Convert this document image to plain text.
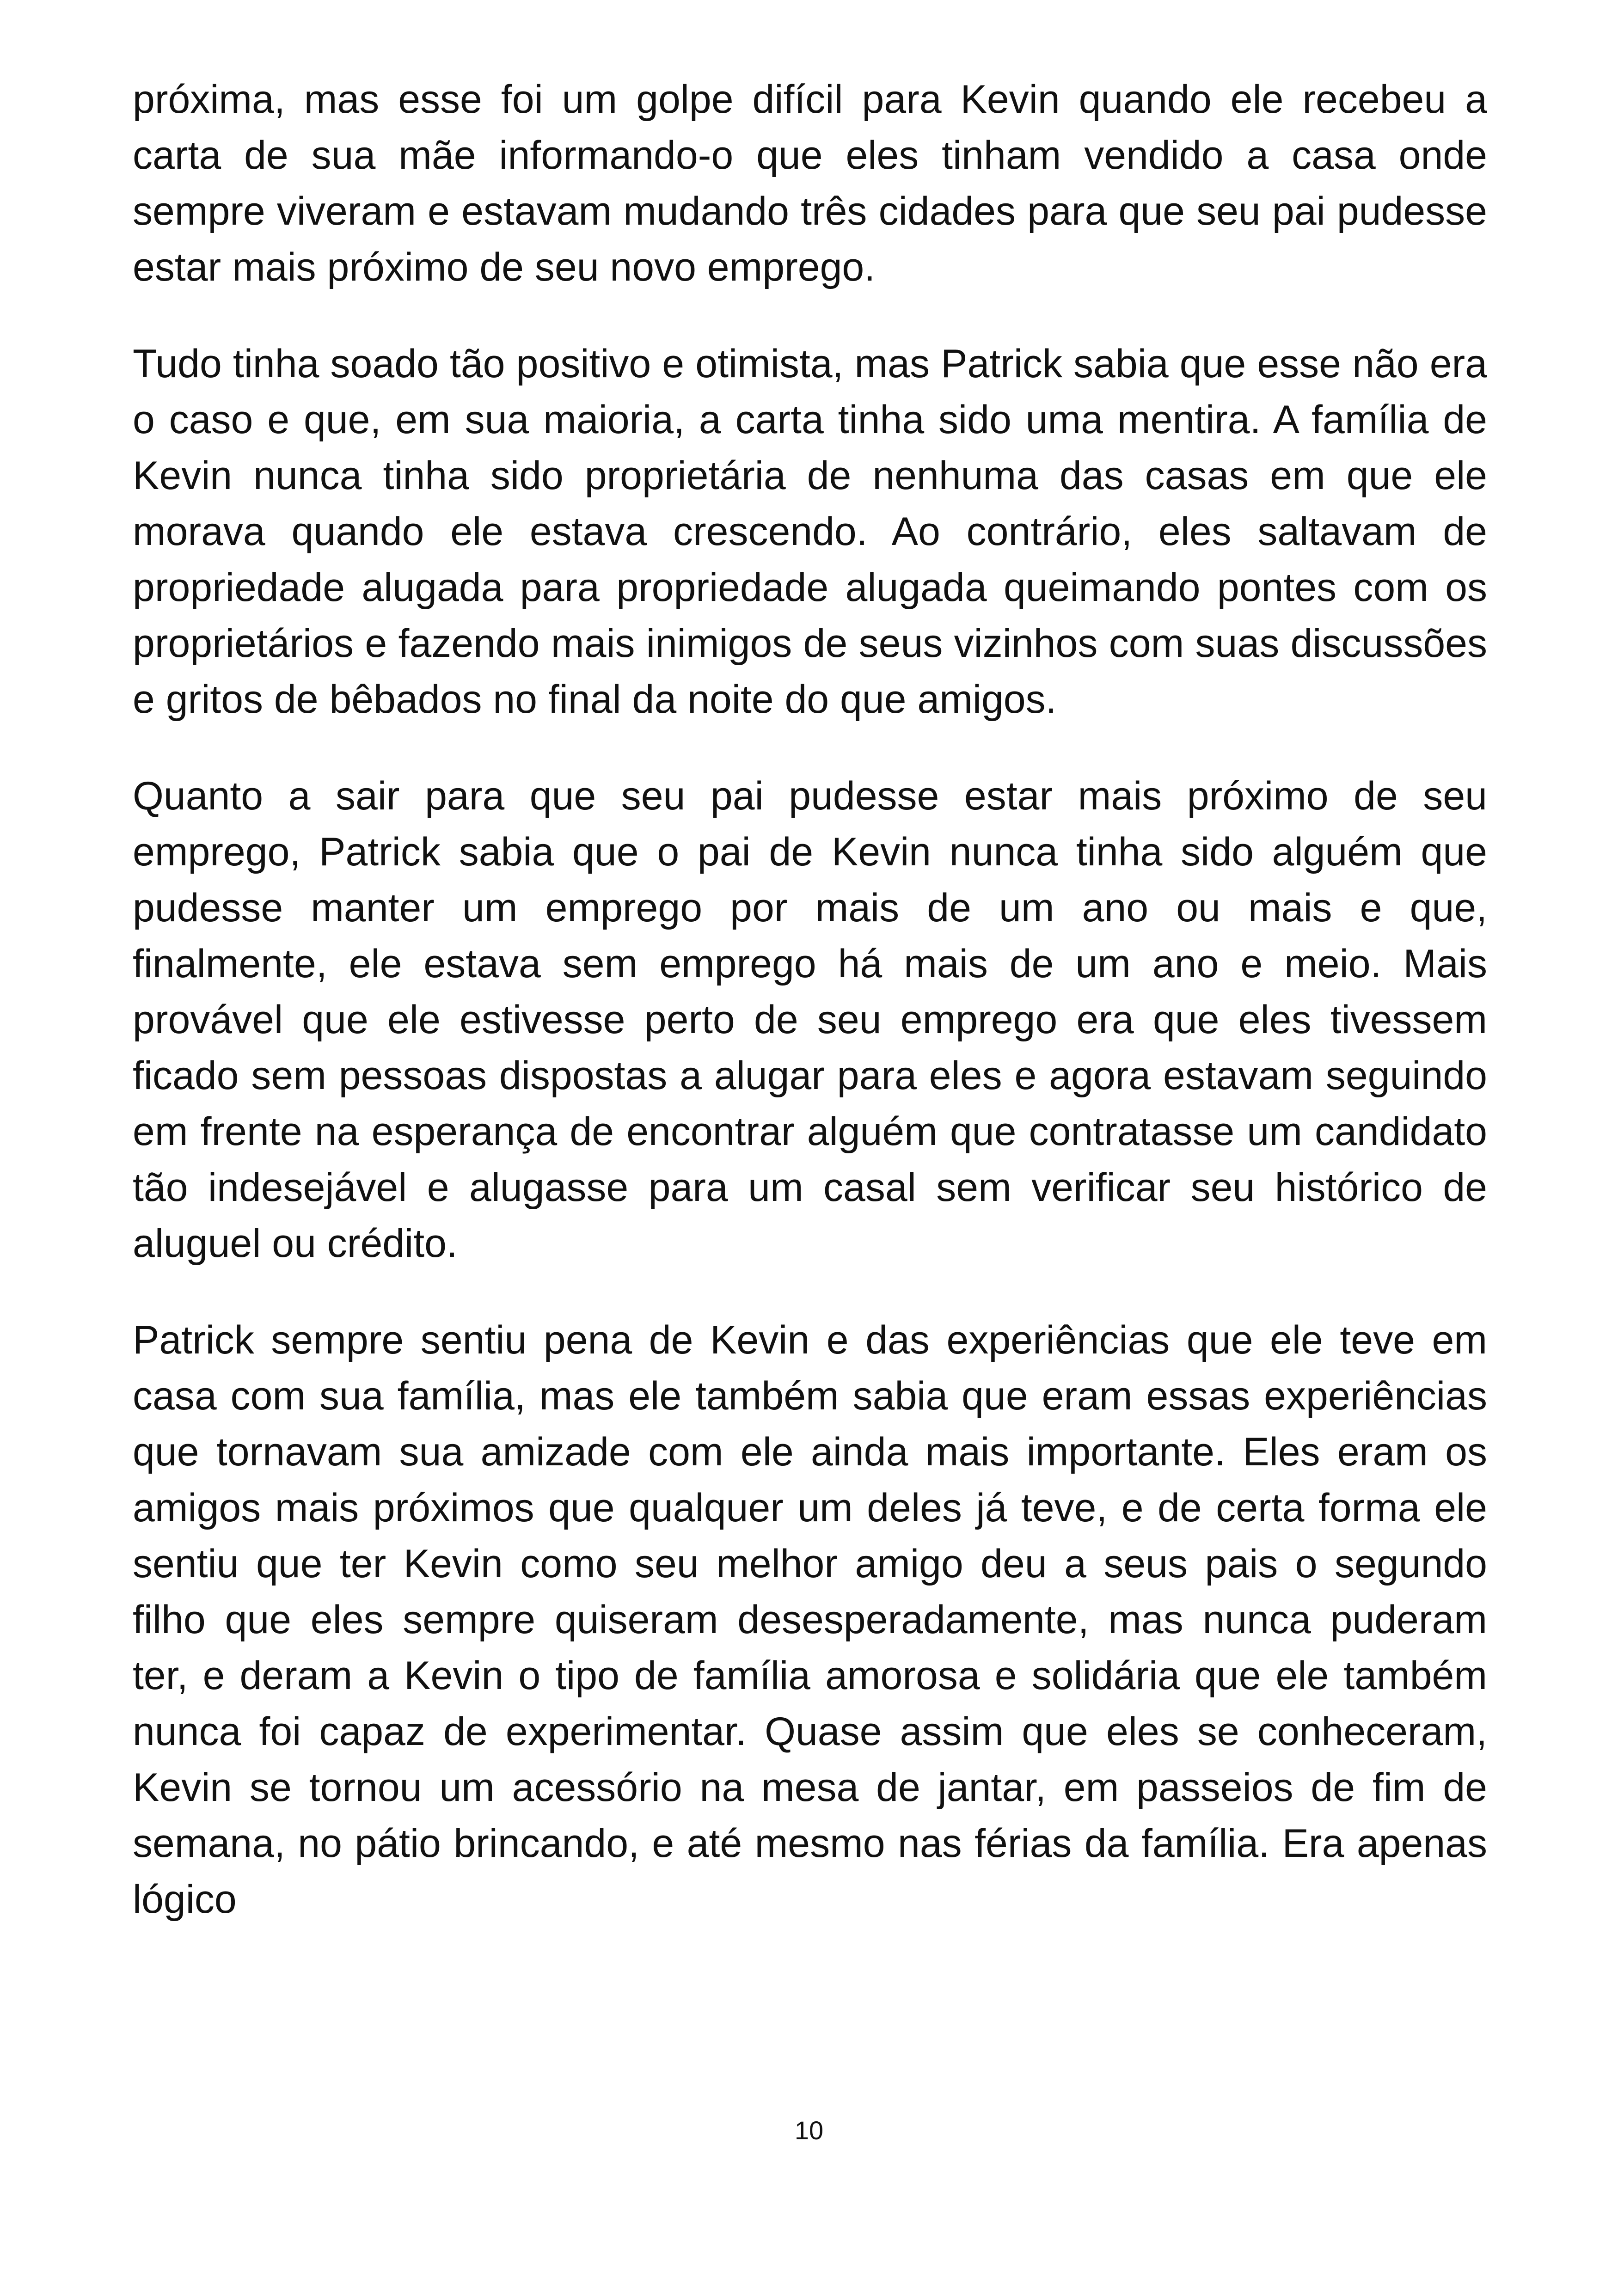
próxima, mas esse foi um golpe difícil para Kevin quando ele recebeu a carta de sua mãe informando-o que eles tinham vendido a casa onde sempre viveram e estavam mudando três cidades para que seu pai pudesse estar mais próximo de seu novo emprego.

Tudo tinha soado tão positivo e otimista, mas Patrick sabia que esse não era o caso e que, em sua maioria, a carta tinha sido uma mentira. A família de Kevin nunca tinha sido proprietária de nenhuma das casas em que ele morava quando ele estava crescendo. Ao contrário, eles saltavam de propriedade alugada para propriedade alugada queimando pontes com os proprietários e fazendo mais inimigos de seus vizinhos com suas discussões e gritos de bêbados no final da noite do que amigos.

Quanto a sair para que seu pai pudesse estar mais próximo de seu emprego, Patrick sabia que o pai de Kevin nunca tinha sido alguém que pudesse manter um emprego por mais de um ano ou mais e que, finalmente, ele estava sem emprego há mais de um ano e meio. Mais provável que ele estivesse perto de seu emprego era que eles tivessem ficado sem pessoas dispostas a alugar para eles e agora estavam seguindo em frente na esperança de encontrar alguém que contratasse um candidato tão indesejável e alugasse para um casal sem verificar seu histórico de aluguel ou crédito.

Patrick sempre sentiu pena de Kevin e das experiências que ele teve em casa com sua família, mas ele também sabia que eram essas experiências que tornavam sua amizade com ele ainda mais importante. Eles eram os amigos mais próximos que qualquer um deles já teve, e de certa forma ele sentiu que ter Kevin como seu melhor amigo deu a seus pais o segundo filho que eles sempre quiseram desesperadamente, mas nunca puderam ter, e deram a Kevin o tipo de família amorosa e solidária que ele também nunca foi capaz de experimentar. Quase assim que eles se conheceram, Kevin se tornou um acessório na mesa de jantar, em passeios de fim de semana, no pátio brincando, e até mesmo nas férias da família. Era apenas lógico

10
